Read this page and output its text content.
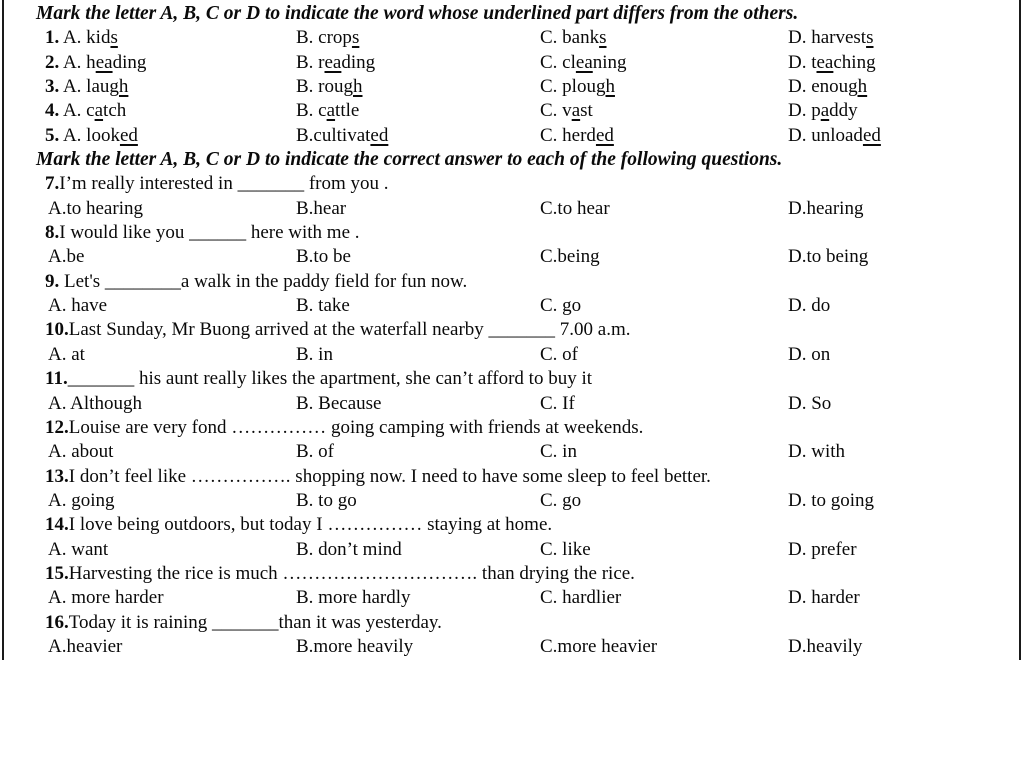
Mark the letter A, B, C or D to indicate the word whose underlined part differs from the others.

1. A. kids

	B. crops

	C. banks

	D. harvests

2. A. heading

	B. reading

	C. cleaning

	D. teaching

3. A. laugh

	B. rough

	C. plough

	D. enough

4. A. catch

	B. cattle

	C. vast

	D. paddy

5. A. looked

	B.cultivated

	C. herded

	D. unloaded

Mark the letter A, B, C or D to indicate the correct answer to each of the following questions.
7.I’m really interested in _______ from you .

A.to hearing

	B.hear

	C.to hear

	D.hearing

8.I would like you ______ here with me .

A.be

	B.to be

	C.being

	D.to being

9. Let's ________a walk in the paddy field for fun now.

A. have

	B. take

	C. go

	D. do

10.Last Sunday, Mr Buong arrived at the waterfall nearby _______ 7.00 a.m.

A. at

	B. in

	C. of

	D. on

11._______ his aunt really likes the apartment, she can’t afford to buy it

A. Although

	B. Because

	C. If

	D. So

12.Louise are very fond …………… going camping with friends at weekends.

A. about

	B. of

	C. in

	D. with

13.I don’t feel like ……………. shopping now. I need to have some sleep to feel better.

A. going

	B. to go

	C. go

	D. to going

14.I love being outdoors, but today I …………… staying at home.

A. want

	B. don’t mind

	C. like

	D. prefer

15.Harvesting the rice is much …………………………. than drying the rice.

A. more harder

	B. more hardly

	C. hardlier

	D. harder

16.Today it is raining _______than it was yesterday.

A.heavier

	B.more heavily

	C.more heavier

	D.heavily
